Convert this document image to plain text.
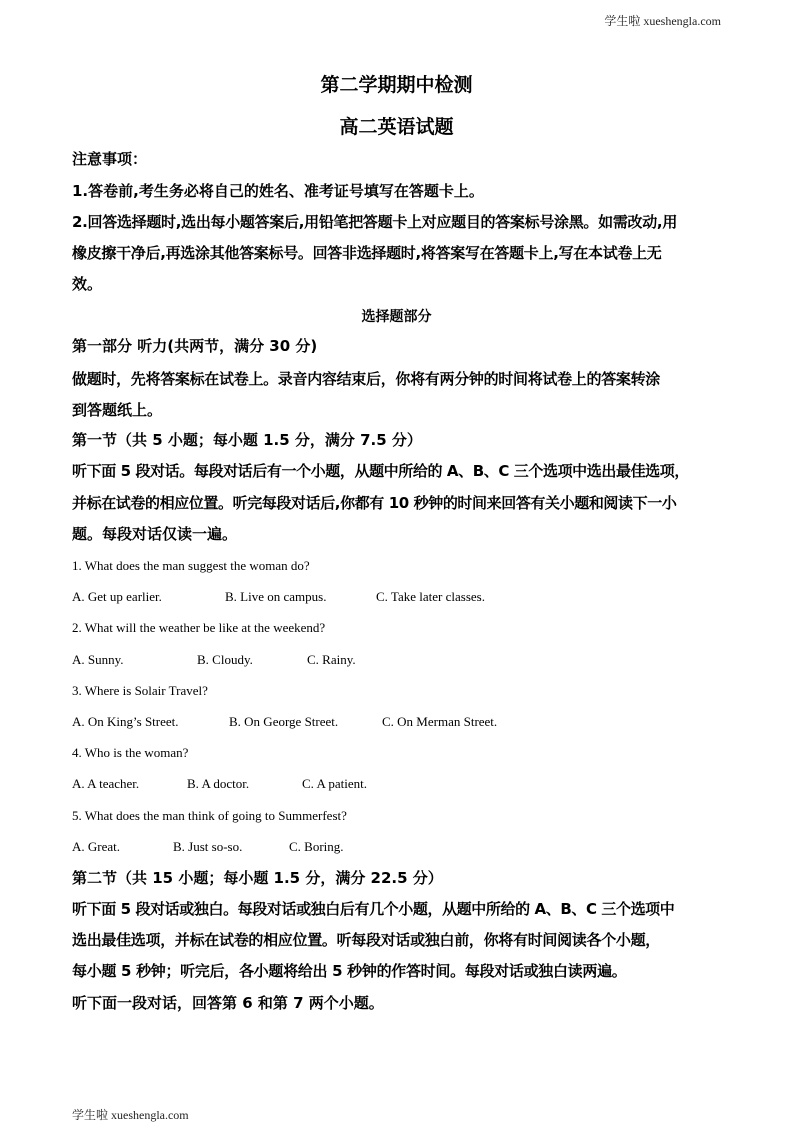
学生啦 xueshengla.com
第二学期期中检测
高二英语试题
注意事项：
1.答卷前,考生务必将自己的姓名、准考证号填写在答题卡上。
2.回答选择题时,选出每小题答案后,用铅笔把答题卡上对应题目的答案标号涂黑。如需改动,用
橡皮擦干净后,再选涂其他答案标号。回答非选择题时,将答案写在答题卡上,写在本试卷上无
效。
选择题部分
第一部分 听力(共两节，满分 30 分)
做题时，先将答案标在试卷上。录音内容结束后，你将有两分钟的时间将试卷上的答案转涂
到答题纸上。
第一节（共 5 小题；每小题 1.5 分，满分 7.5 分）
听下面 5 段对话。每段对话后有一个小题，从题中所给的 A、B、C 三个选项中选出最佳选项，
并标在试卷的相应位置。听完每段对话后,你都有 10 秒钟的时间来回答有关小题和阅读下一小
题。每段对话仅读一遍。
1. What does the man suggest the woman do?
A. Get up earlier.	B. Live on campus.	C. Take later classes.
2. What will the weather be like at the weekend?
A. Sunny.	B. Cloudy.	C. Rainy.
3. Where is Solair Travel?
A. On King’s Street.	B. On George Street.	C. On Merman Street.
4. Who is the woman?
A. A teacher.	B. A doctor.	C. A patient.
5. What does the man think of going to Summerfest?
A. Great.	B. Just so-so.	C. Boring.
第二节（共 15 小题；每小题 1.5 分，满分 22.5 分）
听下面 5 段对话或独白。每段对话或独白后有几个小题，从题中所给的 A、B、C 三个选项中
选出最佳选项，并标在试卷的相应位置。听每段对话或独白前，你将有时间阅读各个小题，
每小题 5 秒钟；听完后，各小题将给出 5 秒钟的作答时间。每段对话或独白读两遍。
听下面一段对话，回答第 6 和第 7 两个小题。
学生啦 xueshengla.com
